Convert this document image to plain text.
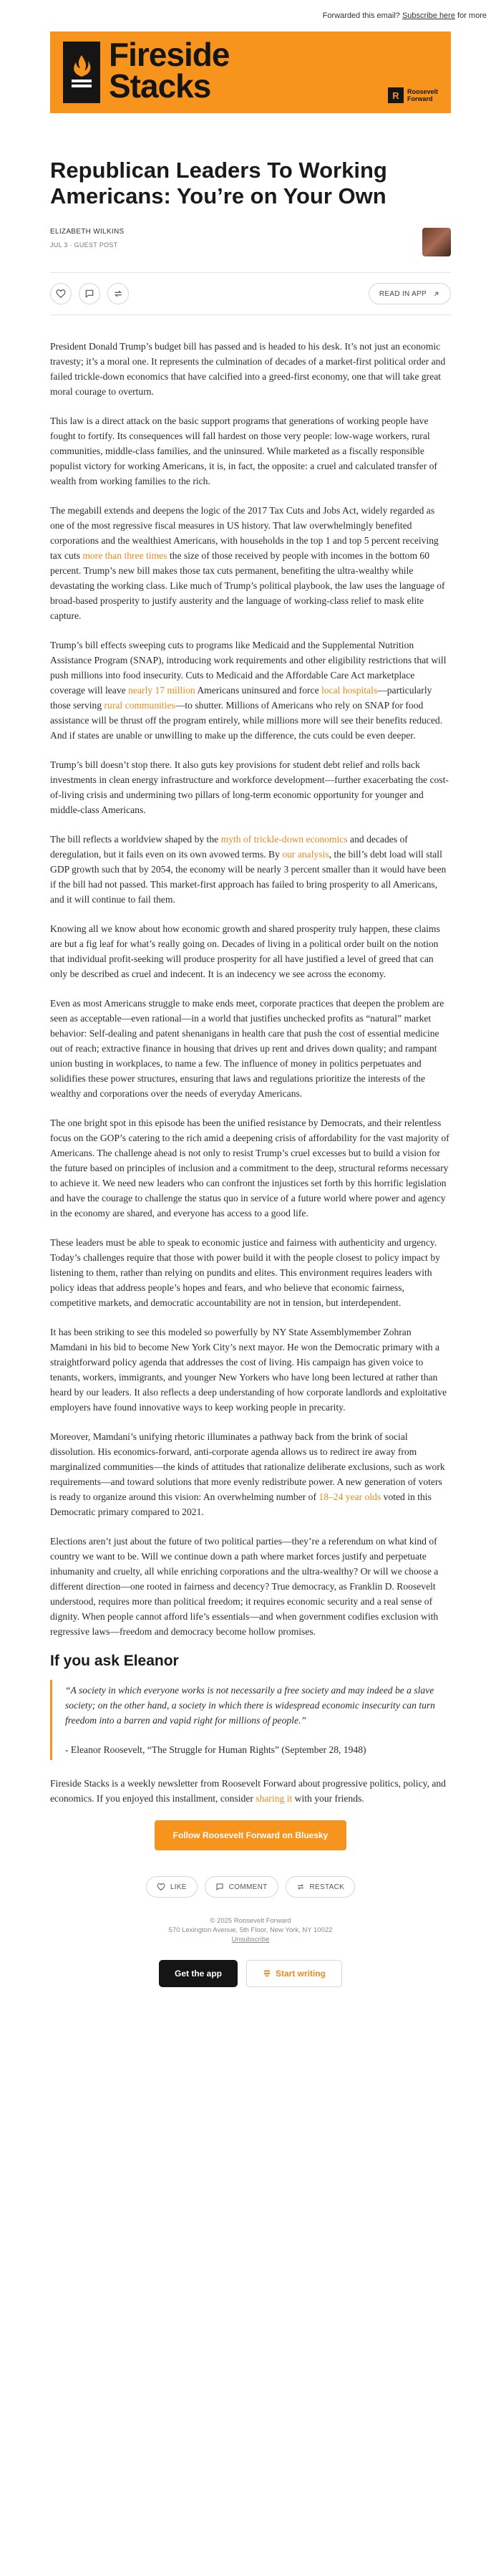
Forwarded this email?
Subscribe here
for more
Fireside
Stacks	R	Roosevelt
Forward
Republican Leaders To Working Americans: You’re on Your Own
ELIZABETH WILKINS
JUL 3 · GUEST POST
READ IN APP

President Donald Trump’s budget bill has passed and is headed to his desk. It’s not just an economic travesty; it’s a moral one. It represents the culmination of decades of a market-first political order and failed trickle-down economics that have calcified into a greed-first economy, one that will take great moral courage to overturn.

This law is a direct attack on the basic support programs that generations of working people have fought to fortify. Its consequences will fall hardest on those very people: low-wage workers, rural communities, middle-class families, and the uninsured. While marketed as a fiscally responsible populist victory for working Americans, it is, in fact, the opposite: a cruel and calculated transfer of wealth from working families to the rich.

The megabill extends and deepens the logic of the 2017 Tax Cuts and Jobs Act, widely regarded as one of the most regressive fiscal measures in US history. That law overwhelmingly benefited corporations and the wealthiest Americans, with households in the top 1 and top 5 percent receiving tax cuts more than three times the size of those received by people with incomes in the bottom 60 percent. Trump’s new bill makes those tax cuts permanent, benefiting the ultra-wealthy while devastating the working class. Like much of Trump’s political playbook, the law uses the language of broad-based prosperity to justify austerity and the language of working-class relief to mask elite capture.

Trump’s bill effects sweeping cuts to programs like Medicaid and the Supplemental Nutrition Assistance Program (SNAP), introducing work requirements and other eligibility restrictions that will push millions into food insecurity. Cuts to Medicaid and the Affordable Care Act marketplace coverage will leave nearly 17 million Americans uninsured and force local hospitals—particularly those serving rural communities—to shutter. Millions of Americans who rely on SNAP for food assistance will be thrust off the program entirely, while millions more will see their benefits reduced. And if states are unable or unwilling to make up the difference, the cuts could be even deeper.

Trump’s bill doesn’t stop there. It also guts key provisions for student debt relief and rolls back investments in clean energy infrastructure and workforce development—further exacerbating the cost-of-living crisis and undermining two pillars of long-term economic opportunity for younger and middle-class Americans.

The bill reflects a worldview shaped by the myth of trickle-down economics and decades of deregulation, but it fails even on its own avowed terms. By our analysis, the bill’s debt load will stall GDP growth such that by 2054, the economy will be nearly 3 percent smaller than it would have been if the bill had not passed. This market-first approach has failed to bring prosperity to all Americans, and it will continue to fail them.

Knowing all we know about how economic growth and shared prosperity truly happen, these claims are but a fig leaf for what’s really going on. Decades of living in a political order built on the notion that individual profit-seeking will produce prosperity for all have justified a level of greed that can only be described as cruel and indecent. It is an indecency we see across the economy.

Even as most Americans struggle to make ends meet, corporate practices that deepen the problem are seen as acceptable—even rational—in a world that justifies unchecked profits as “natural” market behavior: Self-dealing and patent shenanigans in health care that push the cost of essential medicine out of reach; extractive finance in housing that drives up rent and drives down quality; and rampant union busting in workplaces, to name a few. The influence of money in politics perpetuates and solidifies these power structures, ensuring that laws and regulations prioritize the interests of the wealthy and corporations over the needs of everyday Americans.

The one bright spot in this episode has been the unified resistance by Democrats, and their relentless focus on the GOP’s catering to the rich amid a deepening crisis of affordability for the vast majority of Americans. The challenge ahead is not only to resist Trump’s cruel excesses but to build a vision for the future based on principles of inclusion and a commitment to the deep, structural reforms necessary to achieve it. We need new leaders who can confront the injustices set forth by this horrific legislation and have the courage to challenge the status quo in service of a future world where power and agency in the economy are shared, and everyone has access to a good life.

These leaders must be able to speak to economic justice and fairness with authenticity and urgency. Today’s challenges require that those with power build it with the people closest to policy impact by listening to them, rather than relying on pundits and elites. This environment requires leaders with policy ideas that address people’s hopes and fears, and who believe that economic fairness, competitive markets, and democratic accountability are not in tension, but interdependent.

It has been striking to see this modeled so powerfully by NY State Assemblymember Zohran Mamdani in his bid to become New York City’s next mayor. He won the Democratic primary with a straightforward policy agenda that addresses the cost of living. His campaign has given voice to tenants, workers, immigrants, and younger New Yorkers who have long been lectured at rather than heard by our leaders. It also reflects a deep understanding of how corporate landlords and exploitative employers have found innovative ways to keep working people in precarity.

Moreover, Mamdani’s unifying rhetoric illuminates a pathway back from the brink of social dissolution. His economics-forward, anti-corporate agenda allows us to redirect ire away from marginalized communities—the kinds of attitudes that rationalize deliberate exclusions, such as work requirements—and toward solutions that more evenly redistribute power. A new generation of voters is ready to organize around this vision: An overwhelming number of 18–24 year olds voted in this Democratic primary compared to 2021.

Elections aren’t just about the future of two political parties—they’re a referendum on what kind of country we want to be. Will we continue down a path where market forces justify and perpetuate inhumanity and cruelty, all while enriching corporations and the ultra-wealthy? Or will we choose a different direction—one rooted in fairness and decency? True democracy, as Franklin D. Roosevelt understood, requires more than political freedom; it requires economic security and a real sense of dignity. When people cannot afford life’s essentials—and when government codifies exclusion with regressive laws—freedom and democracy become hollow promises.

If you ask Eleanor
“A society in which everyone works is not necessarily a free society and may indeed be a slave society; on the other hand, a society in which there is widespread economic insecurity can turn freedom into a barren and vapid right for millions of people.”
- Eleanor Roosevelt, “The Struggle for Human Rights” (September 28, 1948)

Fireside Stacks is a weekly newsletter from Roosevelt Forward about progressive politics, policy, and economics. If you enjoyed this installment, consider sharing it with your friends.

Follow Roosevelt Forward on Bluesky
LIKE	COMMENT	RESTACK
© 2025 Roosevelt Forward
570 Lexington Avenue, 5th Floor, New York, NY 10022
Unsubscribe
Get the app	Start writing
